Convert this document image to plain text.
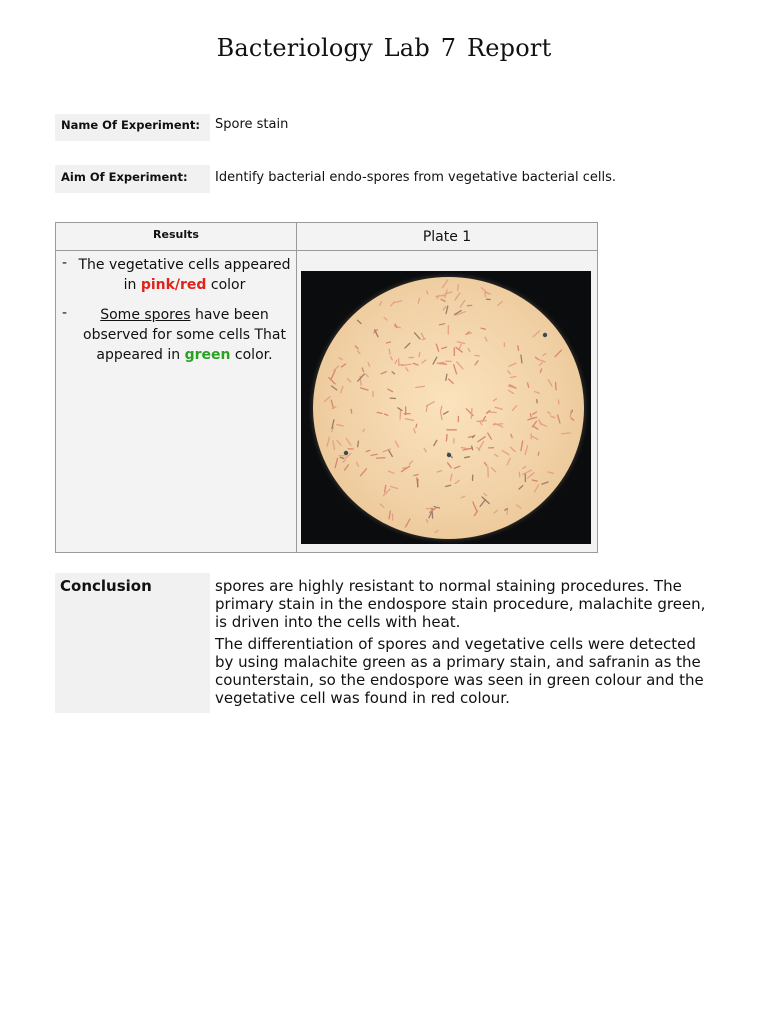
Bacteriology Lab 7 Report
Name Of Experiment:	Spore stain
Aim Of Experiment:	Identify bacterial endo-spores from vegetative bacterial cells.
Results	Plate 1
- The vegetative cells appeared in pink/red color
-	Some spores have been observed for some cells That appeared in green color.
Conclusion	spores are highly resistant to normal staining procedures. The primary stain in the endospore stain procedure, malachite green, is driven into the cells with heat.

The differentiation of spores and vegetative cells were detected by using malachite green as a primary stain, and safranin as the counterstain, so the endospore was seen in green colour and the vegetative cell was found in red colour.
